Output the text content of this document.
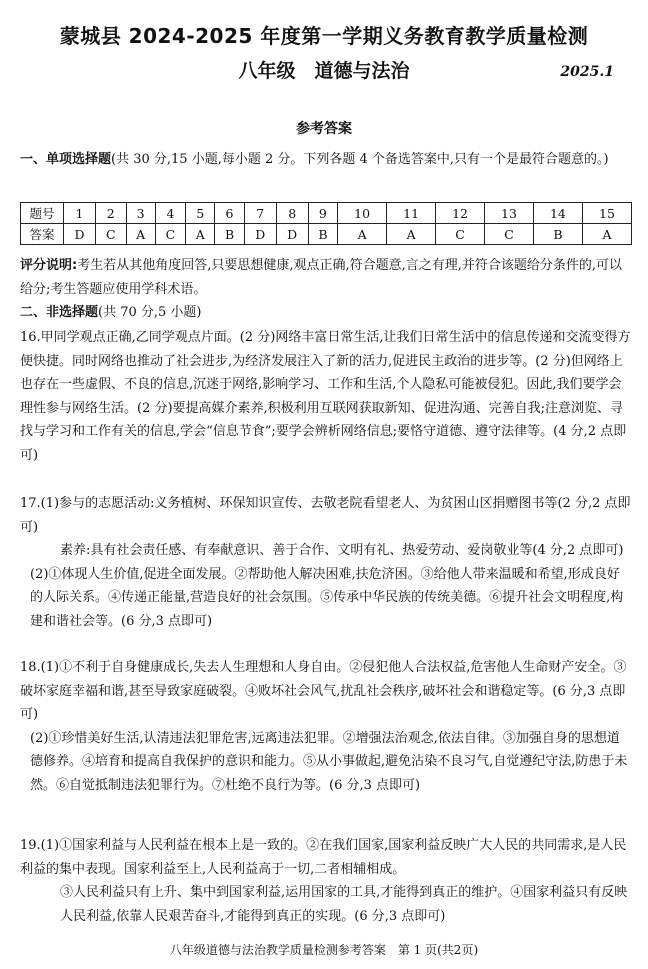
蒙城县 2024-2025 年度第一学期义务教育教学质量检测
八年级　道德与法治	2025.1
参考答案

一、单项选择题(共 30 分,15 小题,每小题 2 分。下列各题 4 个备选答案中,只有一个是最符合题意的。)

题号	1	2	3	4	5	6	7	8	9	10	11	12	13	14	15
答案	D	C	A	C	A	B	D	D	B	A	A	C	C	B	A

评分说明:考生若从其他角度回答,只要思想健康,观点正确,符合题意,言之有理,并符合该题给分条件的,可以给分;考生答题应使用学科术语。

二、非选择题(共 70 分,5 小题)

16.甲同学观点正确,乙同学观点片面。(2 分)网络丰富日常生活,让我们日常生活中的信息传递和交流变得方便快捷。同时网络也推动了社会进步,为经济发展注入了新的活力,促进民主政治的进步等。(2 分)但网络上也存在一些虚假、不良的信息,沉迷于网络,影响学习、工作和生活,个人隐私可能被侵犯。因此,我们要学会理性参与网络生活。(2 分)要提高媒介素养,积极利用互联网获取新知、促进沟通、完善自我;注意浏览、寻找与学习和工作有关的信息,学会“信息节食”;要学会辨析网络信息;要恪守道德、遵守法律等。(4 分,2 点即可)

17.(1)参与的志愿活动:义务植树、环保知识宣传、去敬老院看望老人、为贫困山区捐赠图书等(2 分,2 点即可)

素养:具有社会责任感、有奉献意识、善于合作、文明有礼、热爱劳动、爱岗敬业等(4 分,2 点即可)

(2)①体现人生价值,促进全面发展。②帮助他人解决困难,扶危济困。③给他人带来温暖和希望,形成良好的人际关系。④传递正能量,营造良好的社会氛围。⑤传承中华民族的传统美德。⑥提升社会文明程度,构建和谐社会等。(6 分,3 点即可)

18.(1)①不利于自身健康成长,失去人生理想和人身自由。②侵犯他人合法权益,危害他人生命财产安全。③破坏家庭幸福和谐,甚至导致家庭破裂。④败坏社会风气,扰乱社会秩序,破坏社会和谐稳定等。(6 分,3 点即可)

(2)①珍惜美好生活,认清违法犯罪危害,远离违法犯罪。②增强法治观念,依法自律。③加强自身的思想道德修养。④培育和提高自我保护的意识和能力。⑤从小事做起,避免沾染不良习气,自觉遵纪守法,防患于未然。⑥自觉抵制违法犯罪行为。⑦杜绝不良行为等。(6 分,3 点即可)

19.(1)①国家利益与人民利益在根本上是一致的。②在我们国家,国家利益反映广大人民的共同需求,是人民利益的集中表现。国家利益至上,人民利益高于一切,二者相辅相成。

③人民利益只有上升、集中到国家利益,运用国家的工具,才能得到真正的维护。④国家利益只有反映人民利益,依靠人民艰苦奋斗,才能得到真正的实现。(6 分,3 点即可)

八年级道德与法治教学质量检测参考答案　第 1 页(共2页)
